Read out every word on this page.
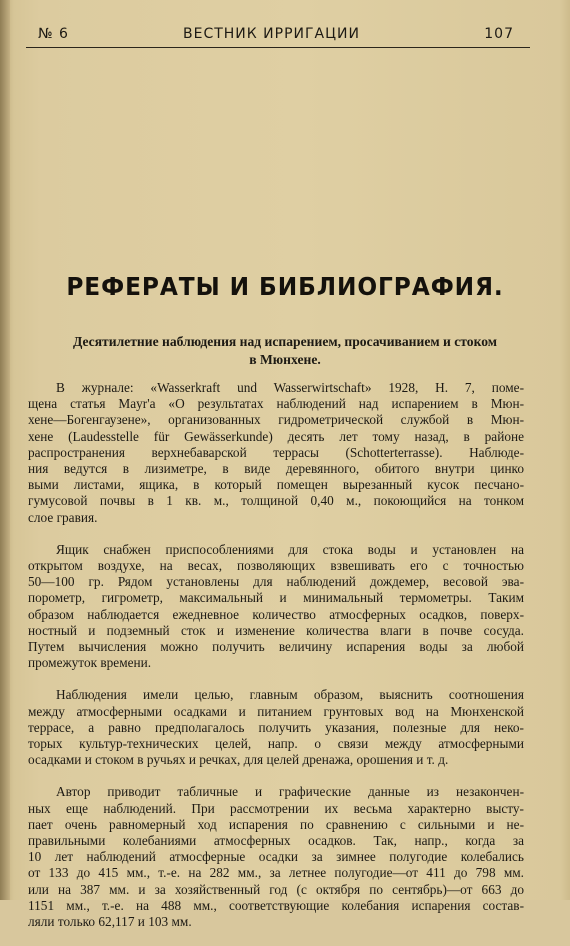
№ 6	ВЕСТНИК ИРРИГАЦИИ	107
РЕФЕРАТЫ И БИБЛИОГРАФИЯ.
Десятилетние наблюдения над испарением, просачиванием и стоком
в Мюнхене.
В журнале: «Wasserkraft und Wasserwirtschaft» 1928, H. 7, поме-
щена статья Mayr'a «О результатах наблюдений над испарением в Мюн-
хене—Богенгаузене», организованных гидрометрической службой в Мюн-
хене (Laudesstelle für Gewässerkunde) десять лет тому назад, в районе
распространения верхнебаварской террасы (Schotterterrasse). Наблюде-
ния ведутся в лизиметре, в виде деревянного, обитого внутри цинко
выми листами, ящика, в который помещен вырезанный кусок песчано-
гумусовой почвы в 1 кв. м., толщиной 0,40 м., покоющийся на тонком
слое гравия.
Ящик снабжен приспособлениями для стока воды и установлен на
открытом воздухе, на весах, позволяющих взвешивать его с точностью
50—100 гр. Рядом установлены для наблюдений дождемер, весовой эва-
порометр, гигрометр, максимальный и минимальный термометры. Таким
образом наблюдается ежедневное количество атмосферных осадков, поверх-
ностный и подземный сток и изменение количества влаги в почве сосуда.
Путем вычисления можно получить величину испарения воды за любой
промежуток времени.
Наблюдения имели целью, главным образом, выяснить соотношения
между атмосферными осадками и питанием грунтовых вод на Мюнхенской
террасе, а равно предполагалось получить указания, полезные для неко-
торых культур-технических целей, напр. о связи между атмосферными
осадками и стоком в ручьях и речках, для целей дренажа, орошения и т. д.
Автор приводит табличные и графические данные из незакончен-
ных еще наблюдений. При рассмотрении их весьма характерно высту-
пает очень равномерный ход испарения по сравнению с сильными и не-
правильными колебаниями атмосферных осадков. Так, напр., когда за
10 лет наблюдений атмосферные осадки за зимнее полугодие колебались
от 133 до 415 мм., т.-е. на 282 мм., за летнее полугодие—от 411 до 798 мм.
или на 387 мм. и за хозяйственный год (с октября по сентябрь)—от 663 до
1151 мм., т.-е. на 488 мм., соответствующие колебания испарения состав-
ляли только 62,117 и 103 мм.
